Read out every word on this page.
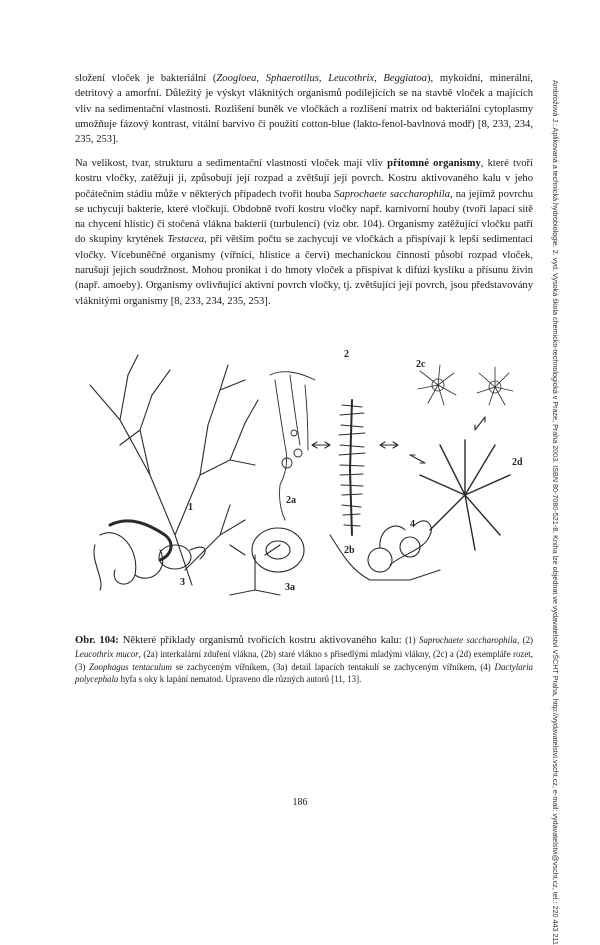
složení vloček je bakteriální (Zoogloea, Sphaerotilus, Leucothrix, Beggiatoa), mykoidní, minerální, detritový a amorfní. Důležitý je výskyt vláknitých organismů podílejících se na stavbě vloček a majících vliv na sedimentační vlastnosti. Rozlišení buněk ve vločkách a rozlišení matrix od bakteriální cytoplasmy umožňuje fázový kontrast, vitální barvivo či použití cotton-blue (lakto-fenol-bavlnová modř) [8, 233, 234, 235, 253].

Na velikost, tvar, strukturu a sedimentační vlastnosti vloček mají vliv přítomné organismy, které tvoří kostru vločky, zatěžují ji, způsobují její rozpad a zvětšují její povrch. Kostru aktivovaného kalu v jeho počátečním stádiu může v některých případech tvořit houba Saprochaete saccharophila, na jejímž povrchu se uchycují bakterie, které vločkují. Obdobně tvoří kostru vločky např. karnivorní houby (tvoří lapací sítě na chycení hlístic) či stočená vlákna bakterií (turbulencí) (viz obr. 104). Organismy zatěžující vločku patří do skupiny krytének Testacea, při větším počtu se zachycují ve vločkách a přispívají k lepší sedimentaci vločky. Vícebuněčné organismy (vířnící, hlístice a červi) mechanickou činností působí rozpad vloček, narušují jejich soudržnost. Mohou pronikat i do hmoty vloček a přispívat k difúzi kyslíku a přísunu živin (např. amoeby). Organismy ovlivňující aktivní povrch vločky, tj. zvětšující její povrch, jsou představovány vláknitými organismy [8, 233, 234, 235, 253].	Ambrožová J.: Aplikovaná a technická hydrobiologie. 2. vyd. Vysoká škola chemicko-technologická v Praze, Praha 2003. ISBN 80-7080-521-8. Kniha lze objednat ve vydavatelství VŠCHT Praha, http://vydavatelstvi.vscht.cz, e-mail: vydavatelstvi@vscht.cz, tel.: 220 443 211
1
2
2a
2b
2c
2d
3	3a
4

Obr. 104: Některé příklady organismů tvořících kostru aktivovaného kalu: (1) Saprochaete saccharophila, (2) Leucothrix mucor, (2a) interkalární zduření vlákna, (2b) staré vlákno s přisedlými mladými vlákny, (2c) a (2d) exempláře rozet, (3) Zoophagus tentaculum se zachyceným vířníkem, (3a) detail lapacích tentakulí se zachyceným vířníkem, (4) Dactylaria polycephala hyfa s oky k lapání nematod. Upraveno dle různých autorů [11, 13].

186
